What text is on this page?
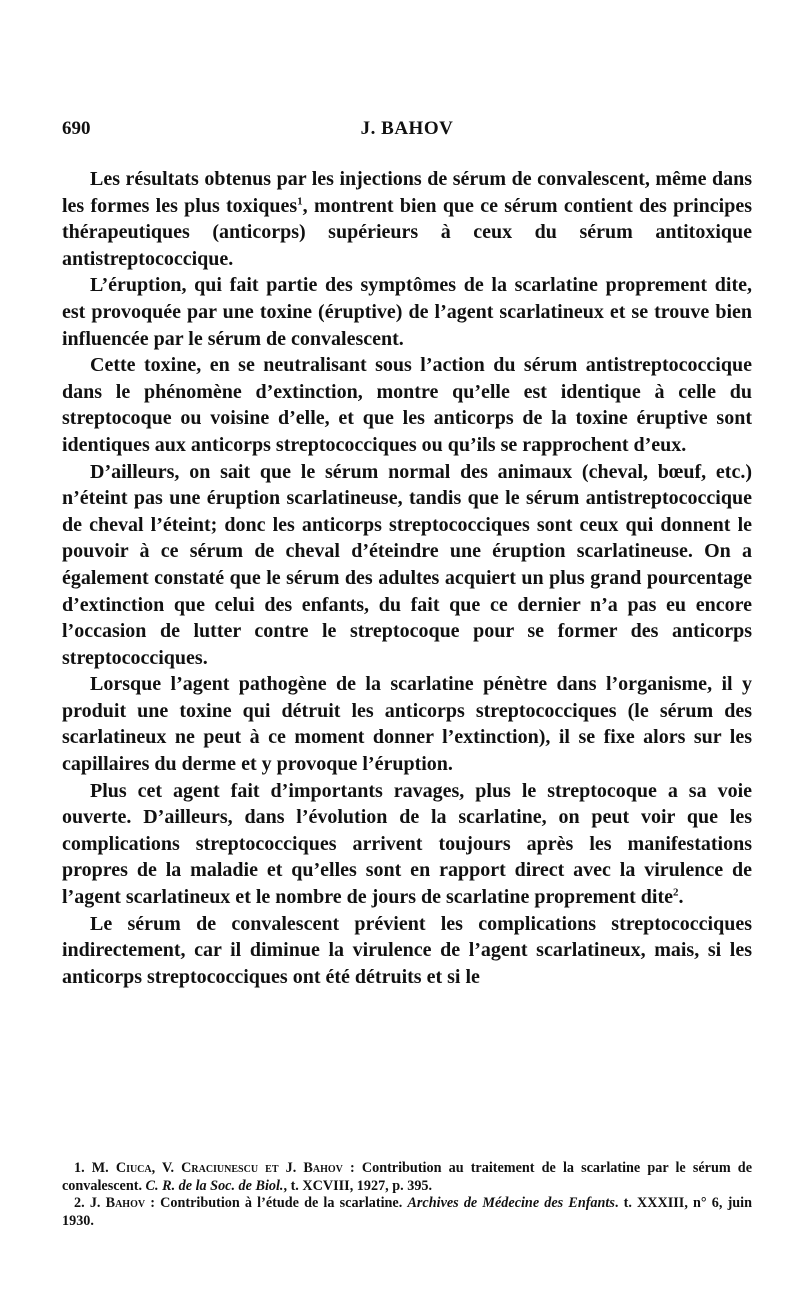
690	J. BAHOV

Les résultats obtenus par les injections de sérum de convalescent, même dans les formes les plus toxiques$^1$, montrent bien que ce sérum contient des principes thérapeutiques (anticorps) supérieurs à ceux du sérum antitoxique antistreptococcique.

L’éruption, qui fait partie des symptômes de la scarlatine proprement dite, est provoquée par une toxine (éruptive) de l’agent scarlatineux et se trouve bien influencée par le sérum de convalescent.

Cette toxine, en se neutralisant sous l’action du sérum antistreptococcique dans le phénomène d’extinction, montre qu’elle est identique à celle du streptocoque ou voisine d’elle, et que les anticorps de la toxine éruptive sont identiques aux anticorps streptococciques ou qu’ils se rapprochent d’eux.

D’ailleurs, on sait que le sérum normal des animaux (cheval, bœuf, etc.) n’éteint pas une éruption scarlatineuse, tandis que le sérum antistreptococcique de cheval l’éteint; donc les anticorps streptococciques sont ceux qui donnent le pouvoir à ce sérum de cheval d’éteindre une éruption scarlatineuse. On a également constaté que le sérum des adultes acquiert un plus grand pourcentage d’extinction que celui des enfants, du fait que ce dernier n’a pas eu encore l’occasion de lutter contre le streptocoque pour se former des anticorps streptococciques.

Lorsque l’agent pathogène de la scarlatine pénètre dans l’organisme, il y produit une toxine qui détruit les anticorps streptococciques (le sérum des scarlatineux ne peut à ce moment donner l’extinction), il se fixe alors sur les capillaires du derme et y provoque l’éruption.

Plus cet agent fait d’importants ravages, plus le streptocoque a sa voie ouverte. D’ailleurs, dans l’évolution de la scarlatine, on peut voir que les complications streptococciques arrivent toujours après les manifestations propres de la maladie et qu’elles sont en rapport direct avec la virulence de l’agent scarlatineux et le nombre de jours de scarlatine proprement dite$^2$.

Le sérum de convalescent prévient les complications streptococciques indirectement, car il diminue la virulence de l’agent scarlatineux, mais, si les anticorps streptococciques ont été détruits et si le

1. M. Ciuca, V. Craciunescu et J. Bahov : Contribution au traitement de la scarlatine par le sérum de convalescent. C. R. de la Soc. de Biol., t. XCVIII, 1927, p. 395.

2. J. Bahov : Contribution à l’étude de la scarlatine. Archives de Médecine des Enfants. t. XXXIII, n° 6, juin 1930.
